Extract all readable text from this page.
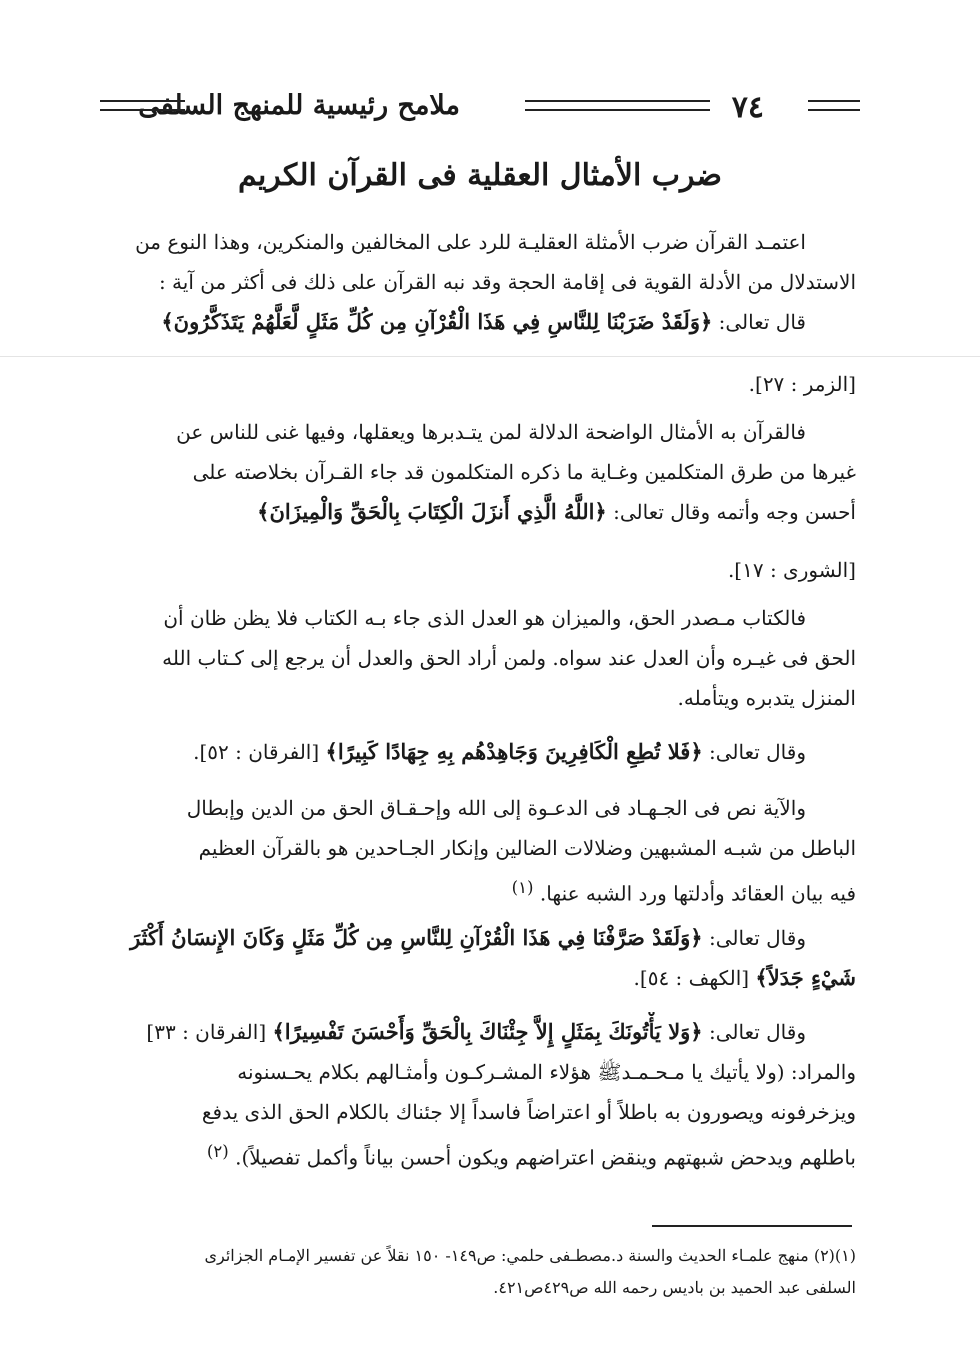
٧٤
ملامح رئيسية للمنهج السلفى
ضرب الأمثال العقلية فى القرآن الكريم
اعتمـد القرآن ضرب الأمثلة العقليـة للرد على المخالفين والمنكرين، وهذا النوع من
الاستدلال من الأدلة القوية فى إقامة الحجة وقد نبه القرآن على ذلك فى أكثر من آية :
قال تعالى: ﴿وَلَقَدْ ضَرَبْنَا لِلنَّاسِ فِي هَذَا الْقُرْآنِ مِن كُلِّ مَثَلٍ لَّعَلَّهُمْ يَتَذَكَّرُونَ﴾
[الزمر : ٢٧].
فالقرآن به الأمثال الواضحة الدلالة لمن يتـدبرها ويعقلها، وفيها غنى للناس عن
غيرها من طرق المتكلمين وغـاية ما ذكره المتكلمون قد جاء القـرآن بخلاصته على
أحسن وجه وأتمه وقال تعالى: ﴿اللَّهُ الَّذِي أَنزَلَ الْكِتَابَ بِالْحَقِّ وَالْمِيزَانَ﴾
[الشورى : ١٧].
فالكتاب مـصدر الحق، والميزان هو العدل الذى جاء بـه الكتاب فلا يظن ظان أن
الحق فى غيـره وأن العدل عند سواه. ولمن أراد الحق والعدل أن يرجع إلى كـتاب الله
المنزل يتدبره ويتأمله.
وقال تعالى: ﴿فَلا تُطِعِ الْكَافِرِينَ وَجَاهِدْهُم بِهِ جِهَادًا كَبِيرًا﴾ [الفرقان : ٥٢].
والآية نص فى الجـهـاد فى الدعـوة إلى الله وإحـقـاق الحق من الدين وإبطال
الباطل من شبـه المشبهين وضلالات الضالين وإنكار الجـاحدين هو بالقرآن العظيم
فيه بيان العقائد وأدلتها ورد الشبه عنها. $^{(١)}$
وقال تعالى: ﴿وَلَقَدْ صَرَّفْنَا فِي هَذَا الْقُرْآنِ لِلنَّاسِ مِن كُلِّ مَثَلٍ وَكَانَ الإِنسَانُ أَكْثَرَ
شَيْءٍ جَدَلاً﴾ [الكهف : ٥٤].
وقال تعالى: ﴿وَلا يَأْتُونَكَ بِمَثَلٍ إِلاَّ جِئْنَاكَ بِالْحَقِّ وَأَحْسَنَ تَفْسِيرًا﴾ [الفرقان : ٣٣]
والمراد: (ولا يأتيك يا مـحـمـدﷺ هؤلاء المشـركـون وأمثـالهم بكلام يحـسنونه
ويزخرفونه ويصورون به باطلاً أو اعتراضاً فاسداً إلا جئناك بالكلام الحق الذى يدفع
باطلهم ويدحض شبهتهم وينقض اعتراضهم ويكون أحسن بياناً وأكمل تفصيلاً). $^{(٢)}$
(١)(٢) منهج علمـاء الحديث والسنة د.مصطـفى حلمي: ص١٤٩- ١٥٠ نقلاً عن تفسير الإمـام الجزائرى
السلفى عبد الحميد بن باديس رحمه الله ص٤٢٩ص٤٢١.
